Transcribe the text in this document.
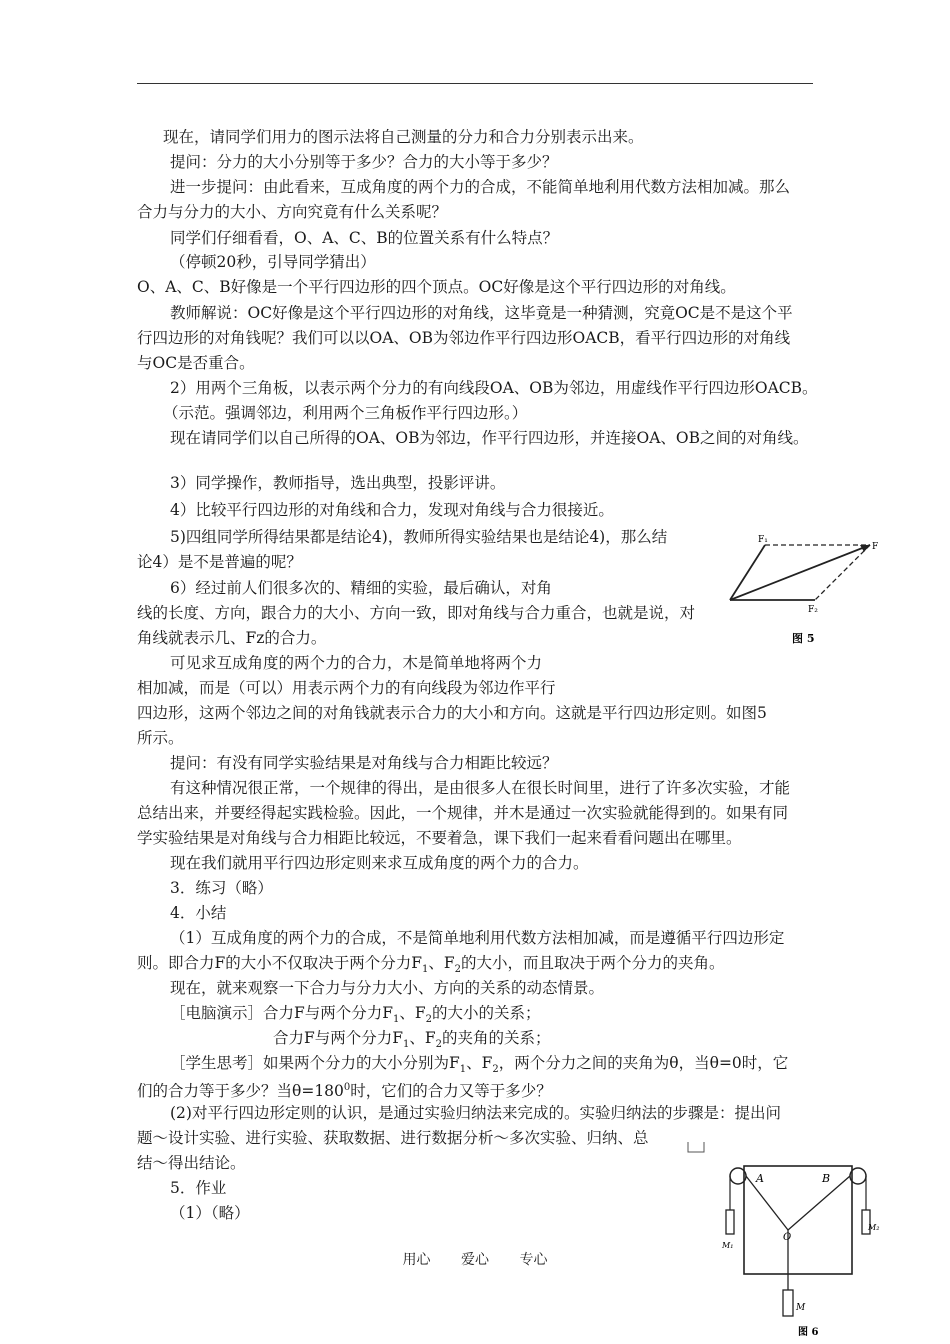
现在，请同学们用力的图示法将自己测量的分力和合力分别表示出来。
提问：分力的大小分别等于多少？合力的大小等于多少？
进一步提问：由此看来，互成角度的两个力的合成，不能简单地利用代数方法相加减。那么
合力与分力的大小、方向究竟有什么关系呢？
同学们仔细看看，O、A、C、B的位置关系有什么特点？
（停顿20秒，引导同学猜出）
O、A、C、B好像是一个平行四边形的四个顶点。OC好像是这个平行四边形的对角线。
教师解说：OC好像是这个平行四边形的对角线，这毕竟是一种猜测，究竟OC是不是这个平
行四边形的对角钱呢？我们可以以OA、OB为邻边作平行四边形OACB，看平行四边形的对角线
与OC是否重合。
2）用两个三角板，以表示两个分力的有向线段OA、OB为邻边，用虚线作平行四边形OACB。
（示范。强调邻边，利用两个三角板作平行四边形。）
现在请同学们以自己所得的OA、OB为邻边，作平行四边形，并连接OA、OB之间的对角线。
3）同学操作，教师指导，选出典型，投影评讲。
4）比较平行四边形的对角线和合力，发现对角线与合力很接近。
5)四组同学所得结果都是结论4)，教师所得实验结果也是结论4)，那么结
论4）是不是普遍的呢？
6）经过前人们很多次的、精细的实验，最后确认，对角
线的长度、方向，跟合力的大小、方向一致，即对角线与合力重合，也就是说，对
角线就表示几、Fz的合力。
可见求互成角度的两个力的合力，木是简单地将两个力
相加减，而是（可以）用表示两个力的有向线段为邻边作平行
四边形，这两个邻边之间的对角钱就表示合力的大小和方向。这就是平行四边形定则。如图5
所示。
提问：有没有同学实验结果是对角线与合力相距比较远？
有这种情况很正常，一个规律的得出，是由很多人在很长时间里，进行了许多次实验，才能
总结出来，并要经得起实践检验。因此，一个规律，并木是通过一次实验就能得到的。如果有同
学实验结果是对角线与合力相距比较远，不要着急，课下我们一起来看看问题出在哪里。
现在我们就用平行四边形定则来求互成角度的两个力的合力。
3．练习（略）
4．小结
（1）互成角度的两个力的合成，不是简单地利用代数方法相加减，而是遵循平行四边形定
则。即合力F的大小不仅取决于两个分力$F_1$、$F_2$的大小，而且取决于两个分力的夹角。
现在，就来观察一下合力与分力大小、方向的关系的动态情景。
［电脑演示］合力F与两个分力$F_1$、$F_2$的大小的关系；
合力F与两个分力$F_1$、$F_2$的夹角的关系；
［学生思考］如果两个分力的大小分别为$F_1$、$F_2$，两个分力之间的夹角为θ，当θ=0时，它
们的合力等于多少？当$\theta=180^0$时，它们的合力又等于多少？
(2)对平行四边形定则的认识，是通过实验归纳法来完成的。实验归纳法的步骤是：提出问
题～设计实验、进行实验、获取数据、进行数据分析～多次实验、归纳、总
结～得出结论。
5．作业
（1）（略）
F₁
F
F₂
图 5
A	B
O
M₁
M₂
M
图 6
用心 爱心 专心
